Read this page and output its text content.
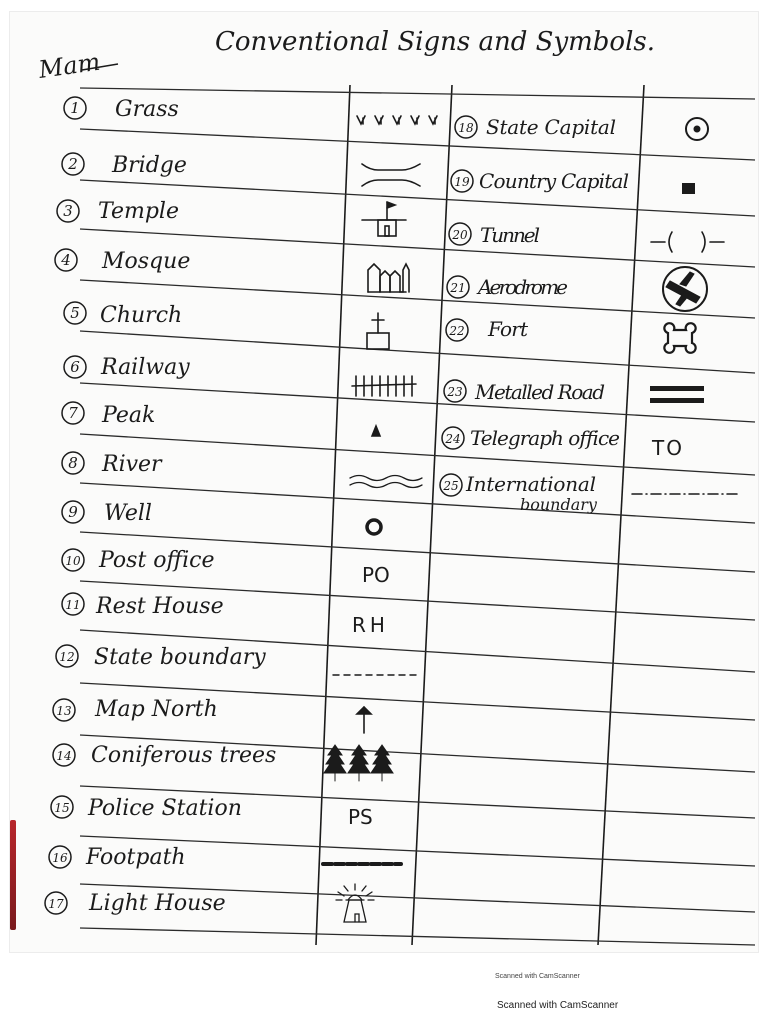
Mam
Conventional Signs and Symbols.
1 Grass
2 Bridge
3 Temple
4 Mosque
5 Church
6 Railway
7 Peak
8 River
9 Well
10 Post office
11 Rest House
12 State boundary
13 Map North
14 Coniferous trees
15 Police Station
16 Footpath
17 Light House
18 State Capital
19 Country Capital
20 Tunnel
21 Aerodrome
22 Fort
23 Metalled Road
24 Telegraph office
25 International
boundary
PO
RH
PS
TO
Scanned with CamScanner
Scanned with CamScanner
